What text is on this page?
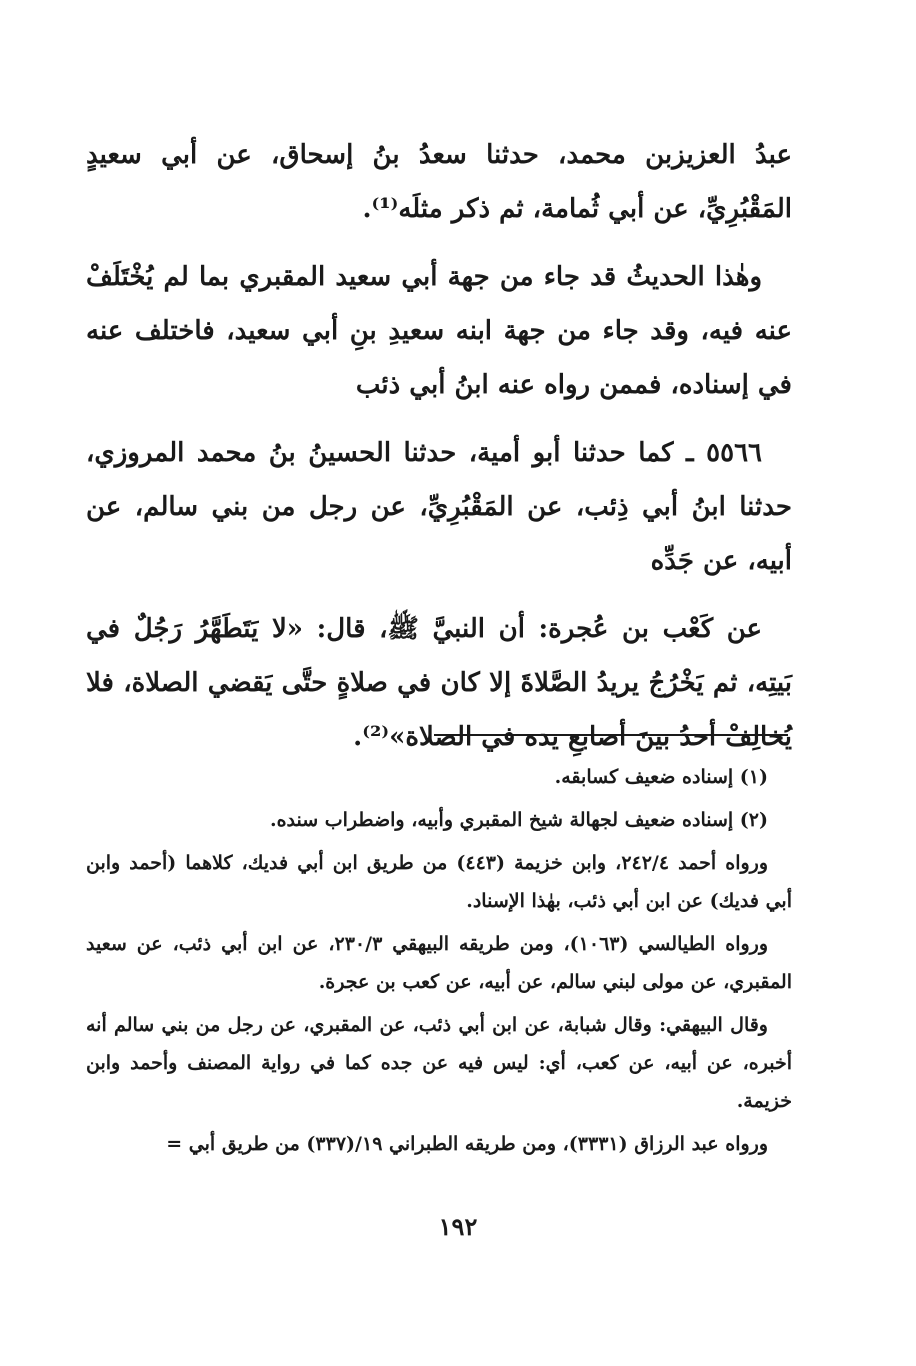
عبدُ العزيزبن محمد، حدثنا سعدُ بنُ إسحاق، عن أبي سعيدٍ المَقْبُرِيِّ، عن أبي ثُمامة، ثم ذكر مثلَه⁽¹⁾.

وهٰذا الحديثُ قد جاء من جهة أبي سعيد المقبري بما لم يُخْتَلَفْ عنه فيه، وقد جاء من جهة ابنه سعيدِ بنِ أبي سعيد، فاختلف عنه في إسناده، فممن رواه عنه ابنُ أبي ذئب

٥٥٦٦ ـ كما حدثنا أبو أمية، حدثنا الحسينُ بنُ محمد المروزي، حدثنا ابنُ أبي ذِئب، عن المَقْبُرِيِّ، عن رجل من بني سالم، عن أبيه، عن جَدِّه

عن كَعْب بن عُجرة: أن النبيَّ ﷺ، قال: «لا يَتَطَهَّرُ رَجُلٌ في بَيتِه، ثم يَخْرُجُ يريدُ الصَّلاةَ إلا كان في صلاةٍ حتَّى يَقضي الصلاة، فلا يُخالِفْ أحدُ بينَ أصابعِ يده في الصلاة»⁽²⁾.

(١) إسناده ضعيف كسابقه.

(٢) إسناده ضعيف لجهالة شيخ المقبري وأبيه، واضطراب سنده.

ورواه أحمد ٢٤٢/٤، وابن خزيمة (٤٤٣) من طريق ابن أبي فديك، كلاهما (أحمد وابن أبي فديك) عن ابن أبي ذئب، بهٰذا الإسناد.

ورواه الطيالسي (١٠٦٣)، ومن طريقه البيهقي ٢٣٠/٣، عن ابن أبي ذئب، عن سعيد المقبري، عن مولى لبني سالم، عن أبيه، عن كعب بن عجرة.

وقال البيهقي: وقال شبابة، عن ابن أبي ذئب، عن المقبري، عن رجل من بني سالم أنه أخبره، عن أبيه، عن كعب، أي: ليس فيه عن جده كما في رواية المصنف وأحمد وابن خزيمة.

ورواه عبد الرزاق (٣٣٣١)، ومن طريقه الطبراني ١٩/(٣٣٧) من طريق أبي =

١٩٢
